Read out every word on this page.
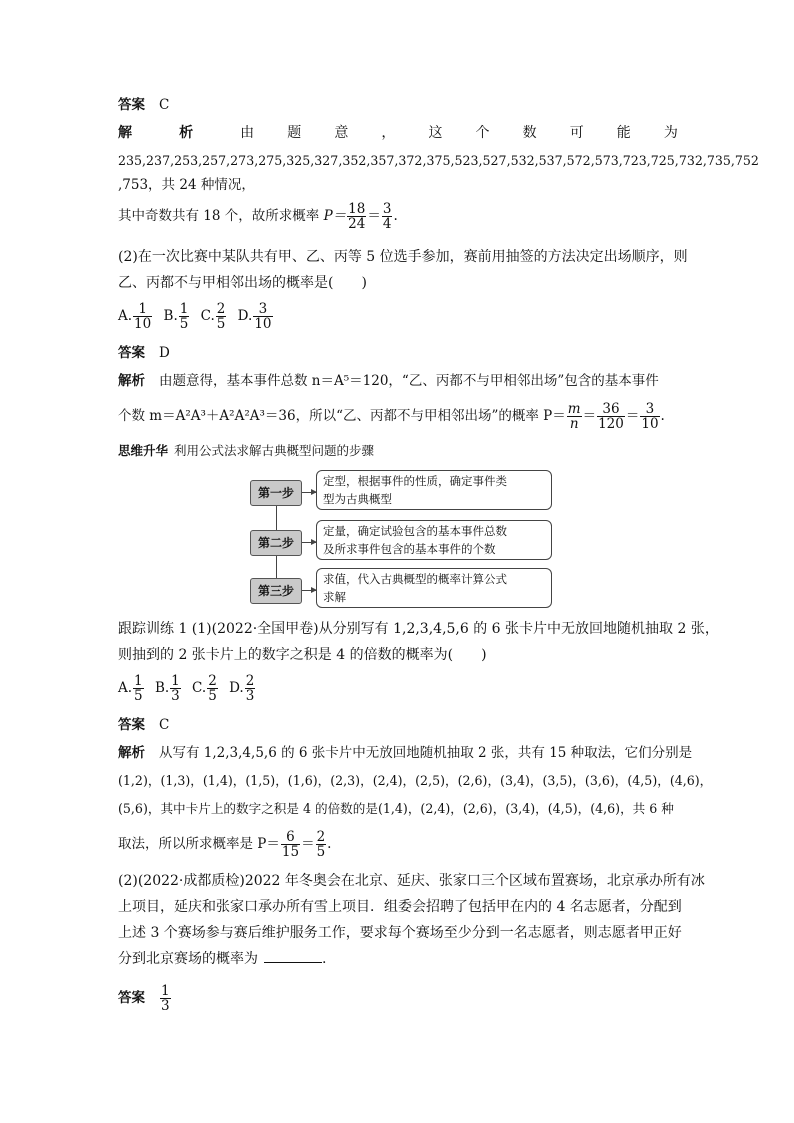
答案 C
解	析	由 题 意 ， 这 个 数 可 能 为
235,237,253,257,273,275,325,327,352,357,372,375,523,527,532,537,572,573,723,725,732,735,752
,753，共 24 种情况，
其中奇数共有 18 个，故所求概率 $P= \frac{18}{24} = \frac{3}{4}$ .
(2)在一次比赛中某队共有甲、乙、丙等 5 位选手参加，赛前用抽签的方法决定出场顺序，则
乙、丙都不与甲相邻出场的概率是(　　)
A. $\frac{1}{10} B$. $\frac{1}{5} C$. $\frac{2}{5} D$. $\frac{3}{10}$
答案 D
解析 由题意得，基本事件总数 n＝A⁵＝120，“乙、丙都不与甲相邻出场”包含的基本事件
个数 m＝A²A³＋A²A²A³＝36，所以“乙、丙都不与甲相邻出场”的概率 $P= \frac{m}{n} = \frac{36}{120} = \frac{3}{10}$ .
思维升华 利用公式法求解古典概型问题的步骤
第一步
定型，根据事件的性质，确定事件类
型为古典概型
第二步
定量，确定试验包含的基本事件总数
及所求事件包含的基本事件的个数
第三步
求值，代入古典概型的概率计算公式
求解
跟踪训练 1 (1)(2022·全国甲卷)从分别写有 1,2,3,4,5,6 的 6 张卡片中无放回地随机抽取 2 张，
则抽到的 2 张卡片上的数字之积是 4 的倍数的概率为(　　)
A. $\frac{1}{5} B$. $\frac{1}{3} C$. $\frac{2}{5} D$. $\frac{2}{3}$
答案 C
解析 从写有 1,2,3,4,5,6 的 6 张卡片中无放回地随机抽取 2 张，共有 15 种取法，它们分别是
(1,2)，(1,3)，(1,4)，(1,5)，(1,6)，(2,3)，(2,4)，(2,5)，(2,6)，(3,4)，(3,5)，(3,6)，(4,5)，(4,6)，
(5,6)，其中卡片上的数字之积是 4 的倍数的是(1,4)，(2,4)，(2,6)，(3,4)，(4,5)，(4,6)，共 6 种
取法，所以所求概率是 $P= \frac{6}{15} = \frac{2}{5}$ .
(2)(2022·成都质检)2022 年冬奥会在北京、延庆、张家口三个区域布置赛场，北京承办所有冰
上项目，延庆和张家口承办所有雪上项目．组委会招聘了包括甲在内的 4 名志愿者，分配到
上述 3 个赛场参与赛后维护服务工作，要求每个赛场至少分到一名志愿者，则志愿者甲正好
分到北京赛场的概率为	.
答案 $\frac{1}{3}$
